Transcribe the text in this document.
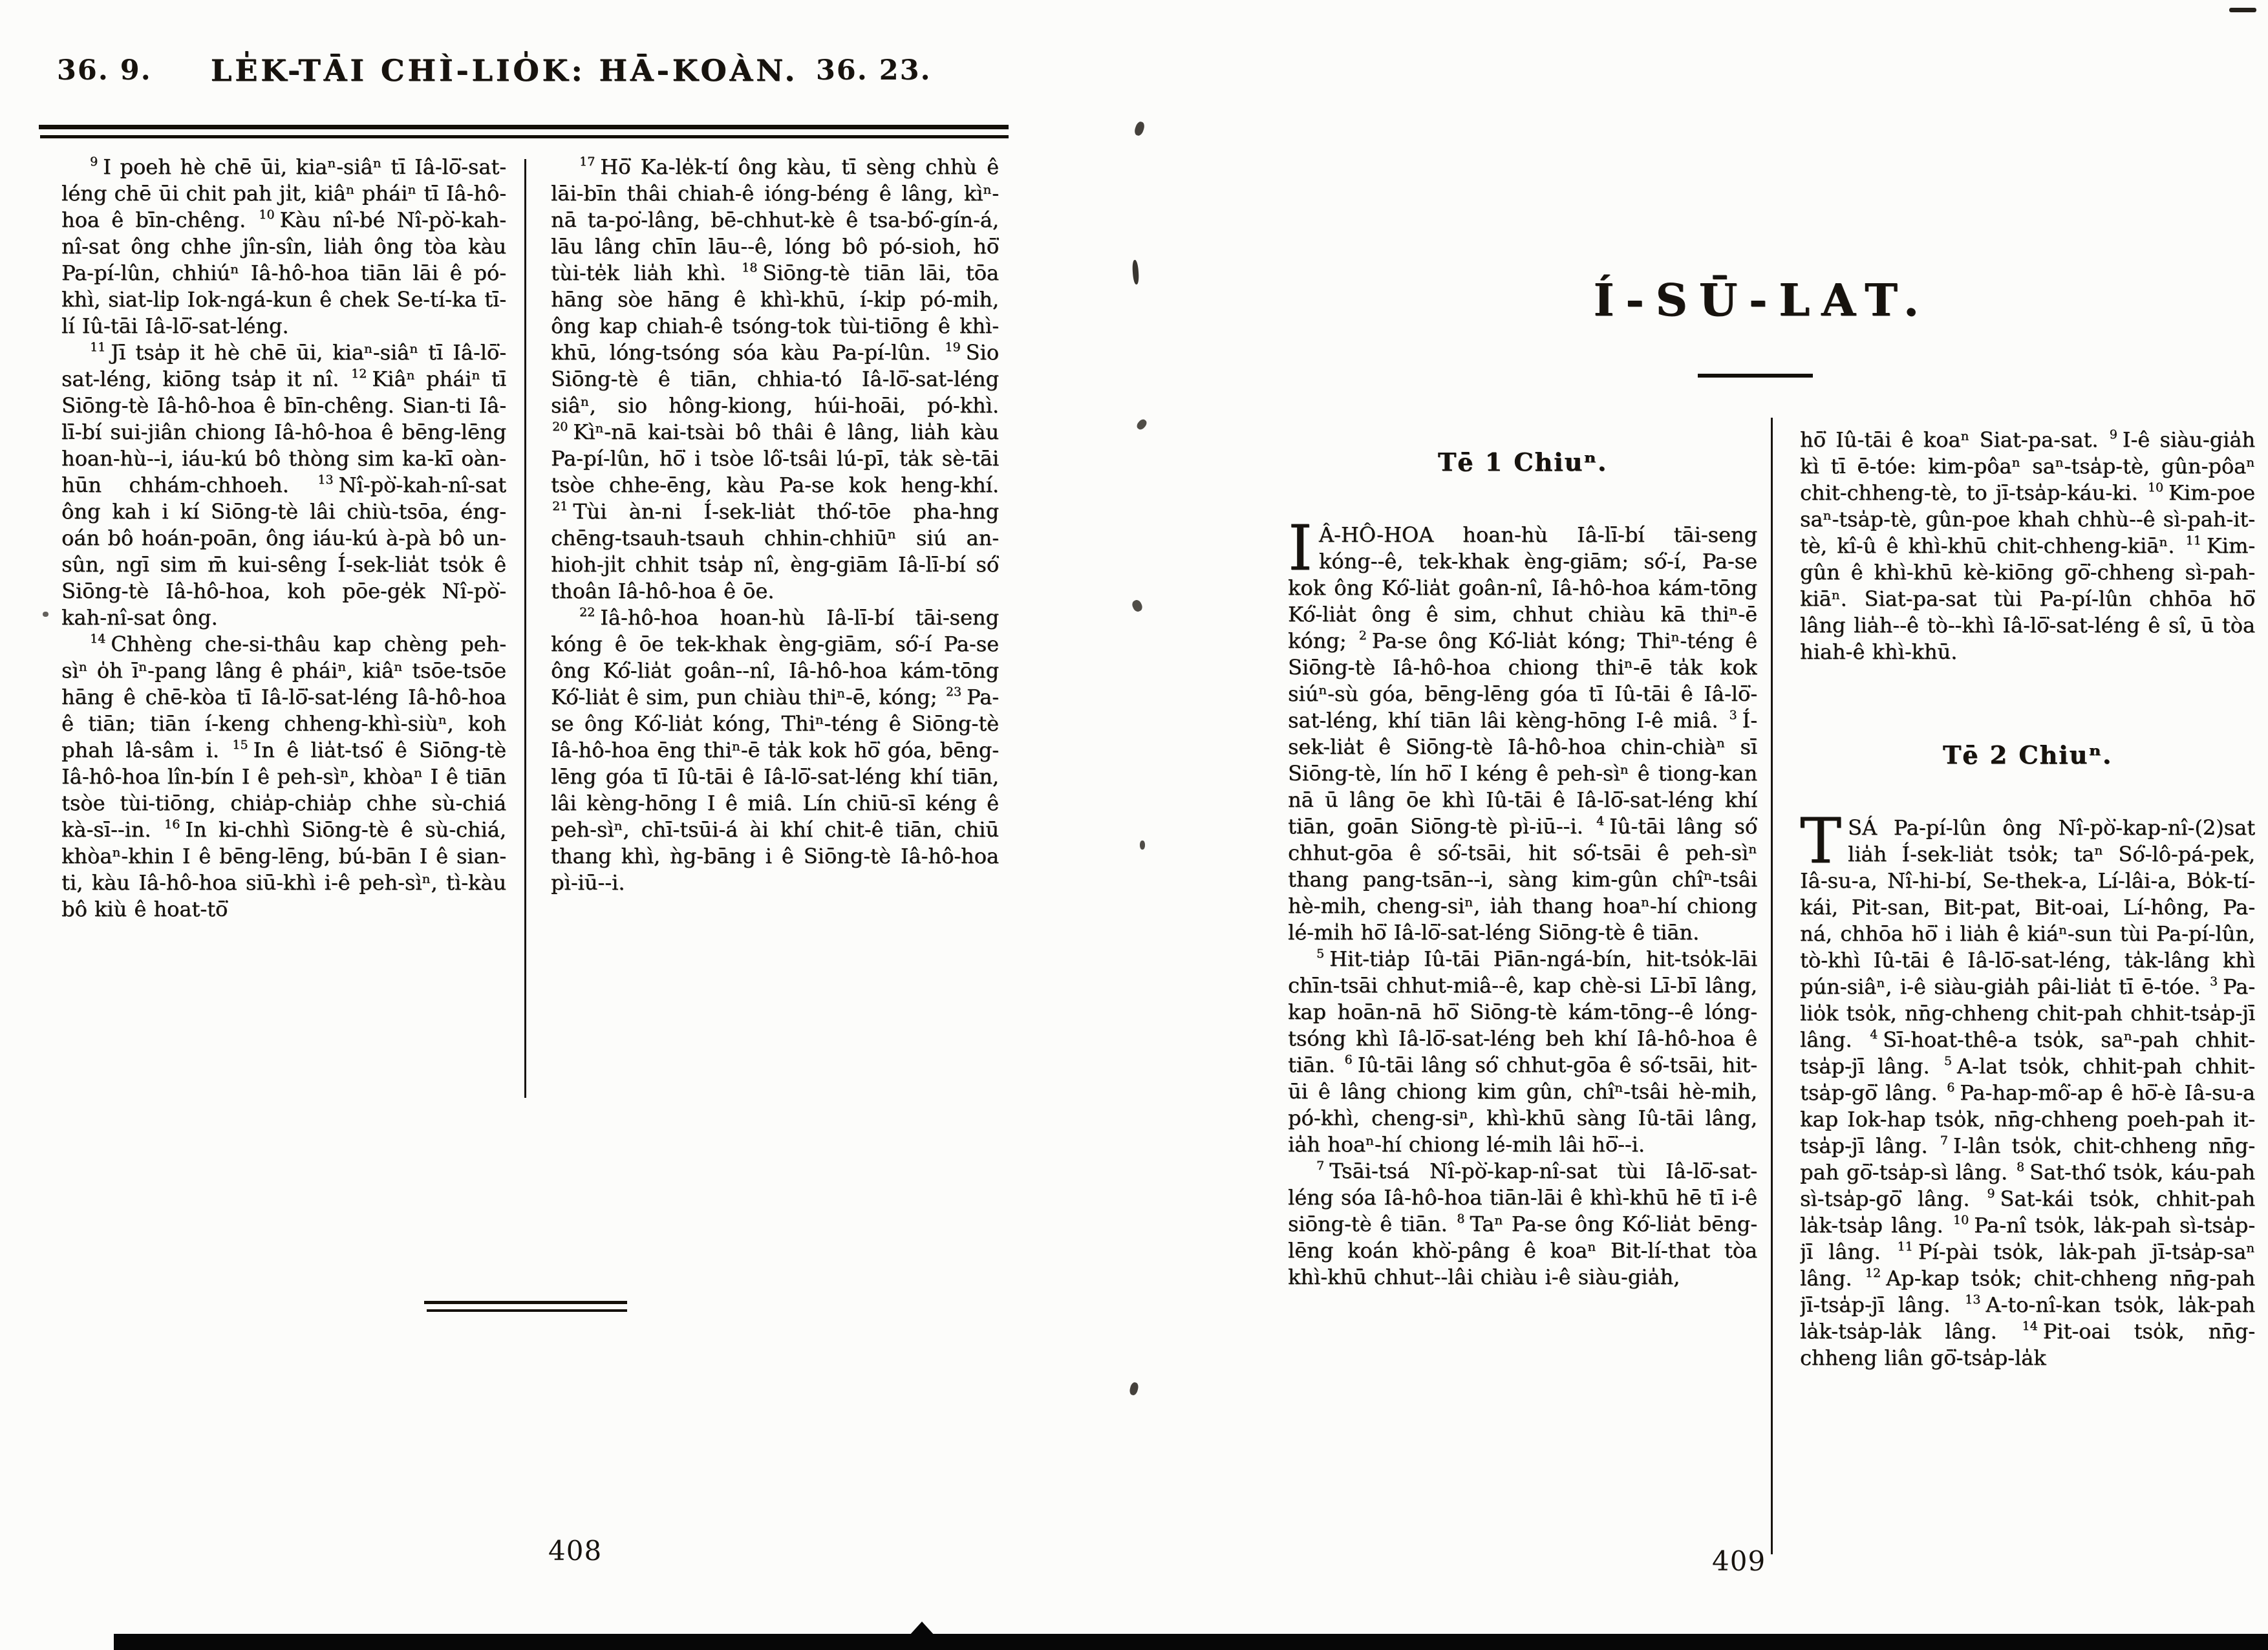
36. 9.	LE̍K-TĀI CHÌ-LIO̍K: HĀ-KOÀN. 36. 23.

$^9$ I poeh hè chē ūi, kiaⁿ-siâⁿ tī Iâ-lō͘-sat-léng chē ūi chit pah ji̍t, kiâⁿ pháiⁿ tī Iâ-hô-hoa ê bīn-chêng. $^{10}$ Kàu nî-bé Nî-pò͘-kah-nî-sat ông chhe jîn-sîn, lia̍h ông tòa kàu Pa-pí-lûn, chhiúⁿ Iâ-hô-hoa tiān lāi ê pó-khì, siat-li̍p Iok-ngá-kun ê chek Se-tí-ka tī-lí Iû-tāi Iâ-lō͘-sat-léng.

$^{11}$ Jī tsa̍p it hè chē ūi, kiaⁿ-siâⁿ tī Iâ-lō͘-sat-léng, kiōng tsa̍p it nî. $^{12}$ Kiâⁿ pháiⁿ tī Siōng-tè Iâ-hô-hoa ê bīn-chêng. Sian-ti Iâ-lī-bí sui-jiân chiong Iâ-hô-hoa ê bēng-lēng hoan-hù--i, iáu-kú bô thòng sim ka-kī oàn-hūn chhám-chhoeh. $^{13}$ Nî-pò͘-kah-nî-sat ông kah i kí Siōng-tè lâi chiù-tsōa, éng-oán bô hoán-poān, ông iáu-kú à-pà bô un-sûn, ngī sim m̄ kui-sêng Í-sek-lia̍t tso̍k ê Siōng-tè Iâ-hô-hoa, koh pōe-ge̍k Nî-pò͘-kah-nî-sat ông.

$^{14}$ Chhèng che-si-thâu kap chèng peh-sìⁿ o̍h īⁿ-pang lâng ê pháiⁿ, kiâⁿ tsōe-tsōe hāng ê chē-kòa tī Iâ-lō͘-sat-léng Iâ-hô-hoa ê tiān; tiān í-keng chheng-khì-siùⁿ, koh phah lâ-sâm i. $^{15}$ In ê lia̍t-tsó͘ ê Siōng-tè Iâ-hô-hoa lîn-bín I ê peh-sìⁿ, khòaⁿ I ê tiān tsòe tùi-tiōng, chia̍p-chia̍p chhe sù-chiá kà-sī--in. $^{16}$ In ki-chhì Siōng-tè ê sù-chiá, khòaⁿ-khin I ê bēng-lēng, bú-bān I ê sian-ti, kàu Iâ-hô-hoa siū-khì i-ê peh-sìⁿ, tì-kàu bô kiù ê hoat-tō͘

$^{17}$ Hō͘ Ka-le̍k-tí ông kàu, tī sèng chhù ê lāi-bīn thâi chiah-ê ióng-béng ê lâng, kìⁿ-nā ta-po͘-lâng, bē-chhut-kè ê tsa-bó͘-gín-á, lāu lâng chīn lāu--ê, lóng bô pó-sioh, hō͘ tùi-te̍k lia̍h khì. $^{18}$ Siōng-tè tiān lāi, tōa hāng sòe hāng ê khì-khū, í-ki̍p pó-mi̍h, ông kap chiah-ê tsóng-tok tùi-tiōng ê khì-khū, lóng-tsóng sóa kàu Pa-pí-lûn. $^{19}$ Sio Siōng-tè ê tiān, chhia-tó Iâ-lō͘-sat-léng siâⁿ, sio hông-kiong, húi-hoāi, pó-khì. $^{20}$ Kìⁿ-nā kai-tsài bô thâi ê lâng, lia̍h kàu Pa-pí-lûn, hō͘ i tsòe lô͘-tsâi lú-pī, ta̍k sè-tāi tsòe chhe-ēng, kàu Pa-se kok heng-khí. $^{21}$ Tùi àn-ni Í-sek-lia̍t thó͘-tōe pha-hng chēng-tsauh-tsauh chhin-chhiūⁿ siú an-hioh-ji̍t chhit tsa̍p nî, èng-giām Iâ-lī-bí só͘ thoân Iâ-hô-hoa ê ōe.

$^{22}$ Iâ-hô-hoa hoan-hù Iâ-lī-bí tāi-seng kóng ê ōe tek-khak èng-giām, só͘-í Pa-se ông Kó͘-lia̍t goân--nî, Iâ-hô-hoa kám-tōng Kó͘-lia̍t ê sim, pun chiàu thiⁿ-ē, kóng; $^{23}$ Pa-se ông Kó͘-lia̍t kóng, Thiⁿ-téng ê Siōng-tè Iâ-hô-hoa ēng thiⁿ-ē ta̍k kok hō͘ góa, bēng-lēng góa tī Iû-tāi ê Iâ-lō͘-sat-léng khí tiān, lâi kèng-hōng I ê miâ. Lín chiū-sī kéng ê peh-sìⁿ, chī-tsūi-á ài khí chit-ê tiān, chiū thang khì, ǹg-bāng i ê Siōng-tè Iâ-hô-hoa pì-iū--i.

408
Í-SŪ-LAT.
Tē 1 Chiuⁿ.

I Â-HÔ-HOA hoan-hù Iâ-lī-bí tāi-seng kóng--ê, tek-khak èng-giām; só͘-í, Pa-se kok ông Kó͘-lia̍t goân-nî, Iâ-hô-hoa kám-tōng Kó͘-lia̍t ông ê sim, chhut chiàu kā thiⁿ-ē kóng; $^2$ Pa-se ông Kó͘-lia̍t kóng; Thiⁿ-téng ê Siōng-tè Iâ-hô-hoa chiong thiⁿ-ē ta̍k kok siúⁿ-sù góa, bēng-lēng góa tī Iû-tāi ê Iâ-lō͘-sat-léng, khí tiān lâi kèng-hōng I-ê miâ. $^3$ Í-sek-lia̍t ê Siōng-tè Iâ-hô-hoa chin-chiàⁿ sī Siōng-tè, lín hō͘ I kéng ê peh-sìⁿ ê tiong-kan nā ū lâng ōe khì Iû-tāi ê Iâ-lō͘-sat-léng khí tiān, goān Siōng-tè pì-iū--i. $^4$ Iû-tāi lâng só͘ chhut-gōa ê só͘-tsāi, hit só͘-tsāi ê peh-sìⁿ thang pang-tsān--i, sàng kim-gûn chîⁿ-tsâi hè-mi̍h, cheng-siⁿ, ia̍h thang hoaⁿ-hí chiong lé-mi̍h hō͘ Iâ-lō͘-sat-léng Siōng-tè ê tiān.

$^5$ Hit-tia̍p Iû-tāi Piān-ngá-bín, hit-tso̍k-lāi chīn-tsāi chhut-miâ--ê, kap chè-si Lī-bī lâng, kap hoān-nā hō͘ Siōng-tè kám-tōng--ê lóng-tsóng khì Iâ-lō͘-sat-léng beh khí Iâ-hô-hoa ê tiān. $^6$ Iû-tāi lâng só͘ chhut-gōa ê só͘-tsāi, hit-ūi ê lâng chiong kim gûn, chîⁿ-tsâi hè-mi̍h, pó-khì, cheng-siⁿ, khì-khū sàng Iû-tāi lâng, ia̍h hoaⁿ-hí chiong lé-mi̍h lâi hō͘--i.

$^7$ Tsāi-tsá Nî-pò͘-kap-nî-sat tùi Iâ-lō͘-sat-léng sóa Iâ-hô-hoa tiān-lāi ê khì-khū hē tī i-ê siōng-tè ê tiān. $^8$ Taⁿ Pa-se ông Kó͘-lia̍t bēng-lēng koán khò͘-pâng ê koaⁿ Bit-lí-that tòa khì-khū chhut--lâi chiàu i-ê siàu-gia̍h,

hō͘ Iû-tāi ê koaⁿ Siat-pa-sat. $^9$ I-ê siàu-gia̍h kì tī ē-tóe: kim-pôaⁿ saⁿ-tsa̍p-tè, gûn-pôaⁿ chit-chheng-tè, to jī-tsa̍p-káu-ki. $^{10}$ Kim-poe saⁿ-tsa̍p-tè, gûn-poe khah chhù--ê sì-pah-it-tè, kî-û ê khì-khū chit-chheng-kiāⁿ. $^{11}$ Kim-gûn ê khì-khū kè-kiōng gō͘-chheng sì-pah-kiāⁿ. Siat-pa-sat tùi Pa-pí-lûn chhōa hō͘ lâng lia̍h--ê tò--khì Iâ-lō͘-sat-léng ê sî, ū tòa hiah-ê khì-khū.

Tē 2 Chiuⁿ.

TSÁ Pa-pí-lûn ông Nî-pò͘-kap-nî-(2)sat lia̍h Í-sek-lia̍t tso̍k; taⁿ Só͘-lô-pá-pek, Iâ-su-a, Nî-hi-bí, Se-thek-a, Lí-lâi-a, Bo̍k-tí-kái, Pit-san, Bit-pat, Bit-oai, Lí-hông, Pa-ná, chhōa hō͘ i lia̍h ê kiáⁿ-sun tùi Pa-pí-lûn, tò-khì Iû-tāi ê Iâ-lō͘-sat-léng, ta̍k-lâng khì pún-siâⁿ, i-ê siàu-gia̍h pâi-lia̍t tī ē-tóe. $^3$ Pa-lio̍k tso̍k, nn̄g-chheng chit-pah chhit-tsa̍p-jī lâng. $^4$ Sī-hoat-thê-a tso̍k, saⁿ-pah chhit-tsa̍p-jī lâng. $^5$ A-lat tso̍k, chhit-pah chhit-tsa̍p-gō͘ lâng. $^6$ Pa-hap-mô͘-ap ê hō͘-è Iâ-su-a kap Iok-hap tso̍k, nn̄g-chheng poeh-pah it-tsa̍p-jī lâng. $^7$ I-lân tso̍k, chit-chheng nn̄g-pah gō͘-tsa̍p-sì lâng. $^8$ Sat-thó͘ tso̍k, káu-pah sì-tsa̍p-gō͘ lâng. $^9$ Sat-kái tso̍k, chhit-pah la̍k-tsa̍p lâng. $^{10}$ Pa-nî tso̍k, la̍k-pah sì-tsa̍p-jī lâng. $^{11}$ Pí-pài tso̍k, la̍k-pah jī-tsa̍p-saⁿ lâng. $^{12}$ Ap-kap tso̍k; chit-chheng nn̄g-pah jī-tsa̍p-jī lâng. $^{13}$ A-to-nî-kan tso̍k, la̍k-pah la̍k-tsa̍p-la̍k lâng. $^{14}$ Pit-oai tso̍k, nn̄g-chheng liân gō͘-tsa̍p-la̍k

409
